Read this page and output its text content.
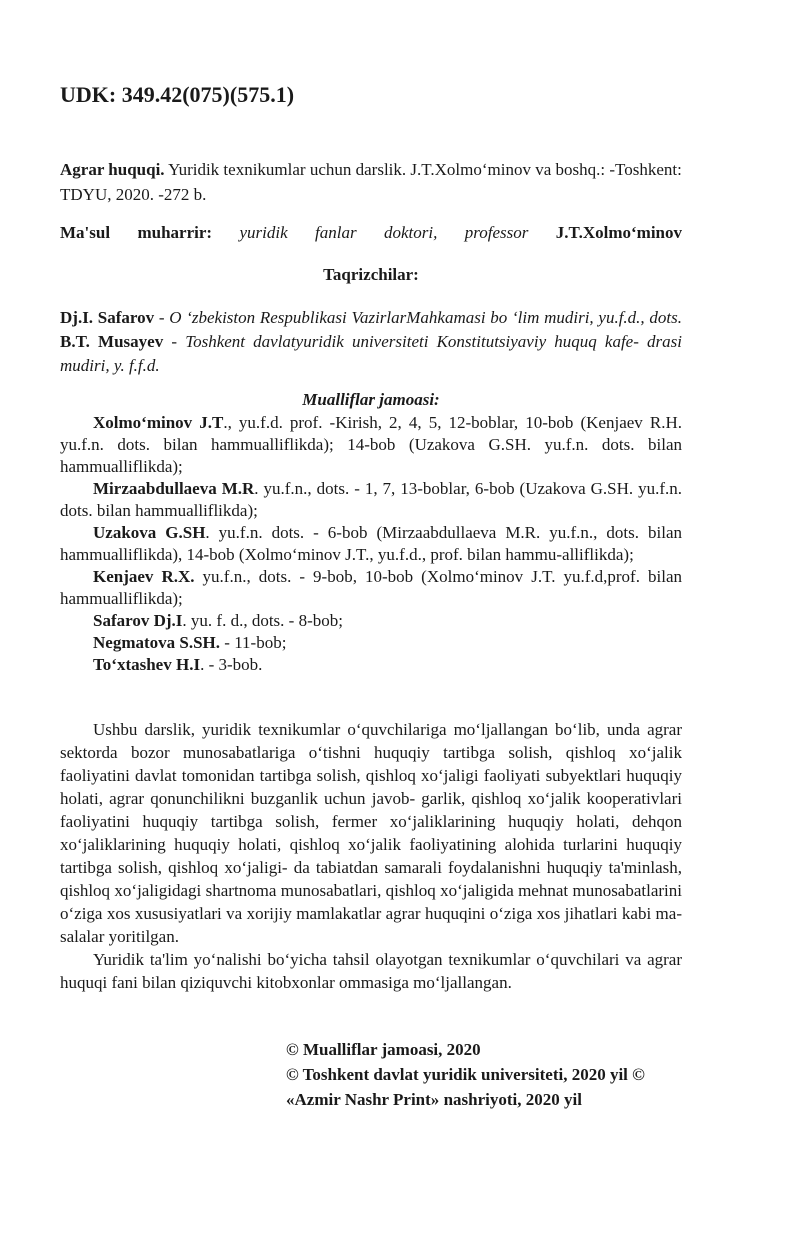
UDK: 349.42(075)(575.1)

Agrar huquqi. Yuridik texnikumlar uchun darslik. J.T.Xolmo‘minov va boshq.: -Toshkent: TDYU, 2020. -272 b.

Ma'sul muharrir: yuridik fanlar doktori, professor J.T.Xolmo‘minov

Taqrizchilar:

Dj.I. Safarov - O ‘zbekiston Respublikasi VazirlarMahkamasi bo ‘lim mudiri, yu.f.d., dots. B.T. Musayev - Toshkent davlatyuridik universiteti Konstitutsiyaviy huquq kafe- drasi mudiri, y. f.f.d.

Mualliflar jamoasi:

Xolmo‘minov J.T., yu.f.d. prof. -Kirish, 2, 4, 5, 12-boblar, 10-bob (Kenjaev R.H. yu.f.n. dots. bilan hammualliflikda); 14-bob (Uzakova G.SH. yu.f.n. dots. bilan hammualliflikda);

Mirzaabdullaeva M.R. yu.f.n., dots. - 1, 7, 13-boblar, 6-bob (Uzakova G.SH. yu.f.n. dots. bilan hammualliflikda);

Uzakova G.SH. yu.f.n. dots. - 6-bob (Mirzaabdullaeva M.R. yu.f.n., dots. bilan hammualliflikda), 14-bob (Xolmo‘minov J.T., yu.f.d., prof. bilan hammu-alliflikda);

Kenjaev R.X. yu.f.n., dots. - 9-bob, 10-bob (Xolmo‘minov J.T. yu.f.d,prof. bilan hammualliflikda);

Safarov Dj.I. yu. f. d., dots. - 8-bob;

Negmatova S.SH. - 11-bob;

To‘xtashev H.I. - 3-bob.

Ushbu darslik, yuridik texnikumlar o‘quvchilariga mo‘ljallangan bo‘lib, unda agrar sektorda bozor munosabatlariga o‘tishni huquqiy tartibga solish, qishloq xo‘jalik faoliyatini davlat tomonidan tartibga solish, qishloq xo‘jaligi faoliyati subyektlari huquqiy holati, agrar qonunchilikni buzganlik uchun javob- garlik, qishloq xo‘jalik kooperativlari faoliyatini huquqiy tartibga solish, fermer xo‘jaliklarining huquqiy holati, dehqon xo‘jaliklarining huquqiy holati, qishloq xo‘jalik faoliyatining alohida turlarini huquqiy tartibga solish, qishloq xo‘jaligi- da tabiatdan samarali foydalanishni huquqiy ta'minlash, qishloq xo‘jaligidagi shartnoma munosabatlari, qishloq xo‘jaligida mehnat munosabatlarini o‘ziga xos xususiyatlari va xorijiy mamlakatlar agrar huquqini o‘ziga xos jihatlari kabi ma-salalar yoritilgan.

Yuridik ta'lim yo‘nalishi bo‘yicha tahsil olayotgan texnikumlar o‘quvchilari va agrar huquqi fani bilan qiziquvchi kitobxonlar ommasiga mo‘ljallangan.

© Mualliflar jamoasi, 2020
© Toshkent davlat yuridik universiteti, 2020 yil ©
«Azmir Nashr Print» nashriyoti, 2020 yil
